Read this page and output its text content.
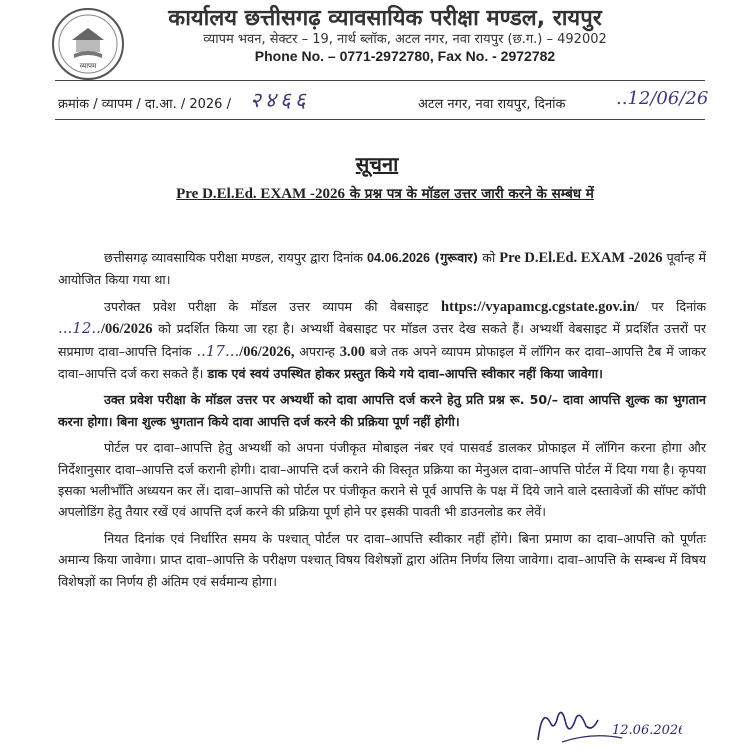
व्यापम
कार्यालय छत्तीसगढ़ व्यावसायिक परीक्षा मण्डल, रायपुर
व्यापम भवन, सेक्टर – 19, नार्थ ब्लॉक, अटल नगर, नवा रायपुर (छ.ग.) – 492002
Phone No. – 0771-2972780, Fax No. - 2972782
क्रमांक / व्यापम / दा.आ. / 2026 / २४६६	अटल नगर, नवा रायपुर, दिनांक	..12/06/26
सूचना
Pre D.El.Ed. EXAM -2026 के प्रश्न पत्र के मॉडल उत्तर जारी करने के सम्बंध में

छत्तीसगढ़ व्यावसायिक परीक्षा मण्डल, रायपुर द्वारा दिनांक 04.06.2026 (गुरूवार) को Pre D.El.Ed. EXAM -2026 पूर्वान्ह में आयोजित किया गया था।

उपरोक्त प्रवेश परीक्षा के मॉडल उत्तर व्यापम की वेबसाइट https://vyapamcg.cgstate.gov.in/ पर दिनांक ...12../06/2026 को प्रदर्शित किया जा रहा है। अभ्यर्थी वेबसाइट पर मॉडल उत्तर देख सकते हैं। अभ्यर्थी वेबसाइट में प्रदर्शित उत्तरों पर सप्रमाण दावा–आपत्ति दिनांक ..17.../06/2026, अपरान्ह 3.00 बजे तक अपने व्यापम प्रोफाइल में लॉगिन कर दावा–आपत्ति टैब में जाकर दावा–आपत्ति दर्ज करा सकते हैं। डाक एवं स्वयं उपस्थित होकर प्रस्तुत किये गये दावा–आपत्ति स्वीकार नहीं किया जावेगा।

उक्त प्रवेश परीक्षा के मॉडल उत्तर पर अभ्यर्थी को दावा आपत्ति दर्ज करने हेतु प्रति प्रश्न रू. 50/– दावा आपत्ति शुल्क का भुगतान करना होगा। बिना शुल्क भुगतान किये दावा आपत्ति दर्ज करने की प्रक्रिया पूर्ण नहीं होगी।

पोर्टल पर दावा–आपत्ति हेतु अभ्यर्थी को अपना पंजीकृत मोबाइल नंबर एवं पासवर्ड डालकर प्रोफाइल में लॉगिन करना होगा और निर्देशानुसार दावा–आपत्ति दर्ज करानी होगी। दावा–आपत्ति दर्ज कराने की विस्तृत प्रक्रिया का मेनुअल दावा–आपत्ति पोर्टल में दिया गया है। कृपया इसका भलीभाँति अध्ययन कर लें। दावा–आपत्ति को पोर्टल पर पंजीकृत कराने से पूर्व आपत्ति के पक्ष में दिये जाने वाले दस्तावेजों की सॉफ्ट कॉपी अपलोडिंग हेतु तैयार रखें एवं आपत्ति दर्ज करने की प्रक्रिया पूर्ण होने पर इसकी पावती भी डाउनलोड कर लेवें।

नियत दिनांक एवं निर्धारित समय के पश्चात् पोर्टल पर दावा–आपत्ति स्वीकार नहीं होंगे। बिना प्रमाण का दावा–आपत्ति को पूर्णतः अमान्य किया जावेगा। प्राप्त दावा–आपत्ति के परीक्षण पश्चात् विषय विशेषज्ञों द्वारा अंतिम निर्णय लिया जावेगा। दावा–आपत्ति के सम्बन्ध में विषय विशेषज्ञों का निर्णय ही अंतिम एवं सर्वमान्य होगा।

12.06.2026
